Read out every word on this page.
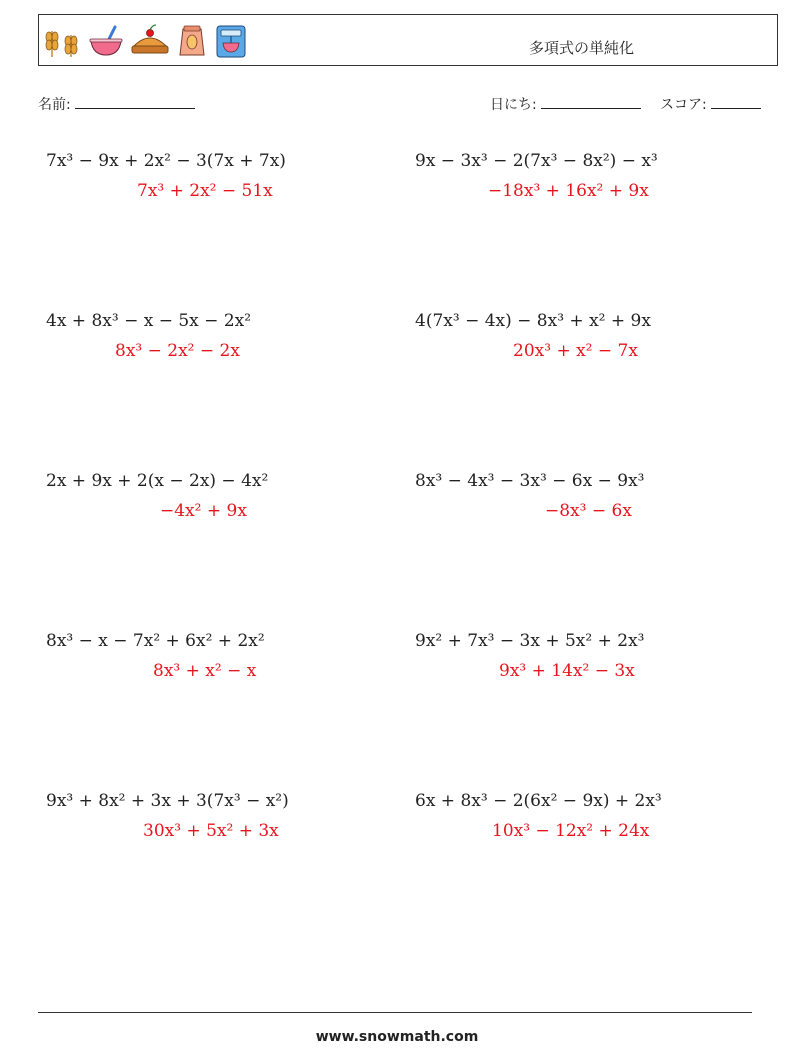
多項式の単純化
名前:	日にち:	スコア:
7x³ − 9x + 2x² − 3(7x + 7x)
7x³ + 2x² − 51x
9x − 3x³ − 2(7x³ − 8x²) − x³
−18x³ + 16x² + 9x
4x + 8x³ − x − 5x − 2x²
8x³ − 2x² − 2x
4(7x³ − 4x) − 8x³ + x² + 9x
20x³ + x² − 7x
2x + 9x + 2(x − 2x) − 4x²
−4x² + 9x
8x³ − 4x³ − 3x³ − 6x − 9x³
−8x³ − 6x
8x³ − x − 7x² + 6x² + 2x²
8x³ + x² − x
9x² + 7x³ − 3x + 5x² + 2x³
9x³ + 14x² − 3x
9x³ + 8x² + 3x + 3(7x³ − x²)
30x³ + 5x² + 3x
6x + 8x³ − 2(6x² − 9x) + 2x³
10x³ − 12x² + 24x
www.snowmath.com
